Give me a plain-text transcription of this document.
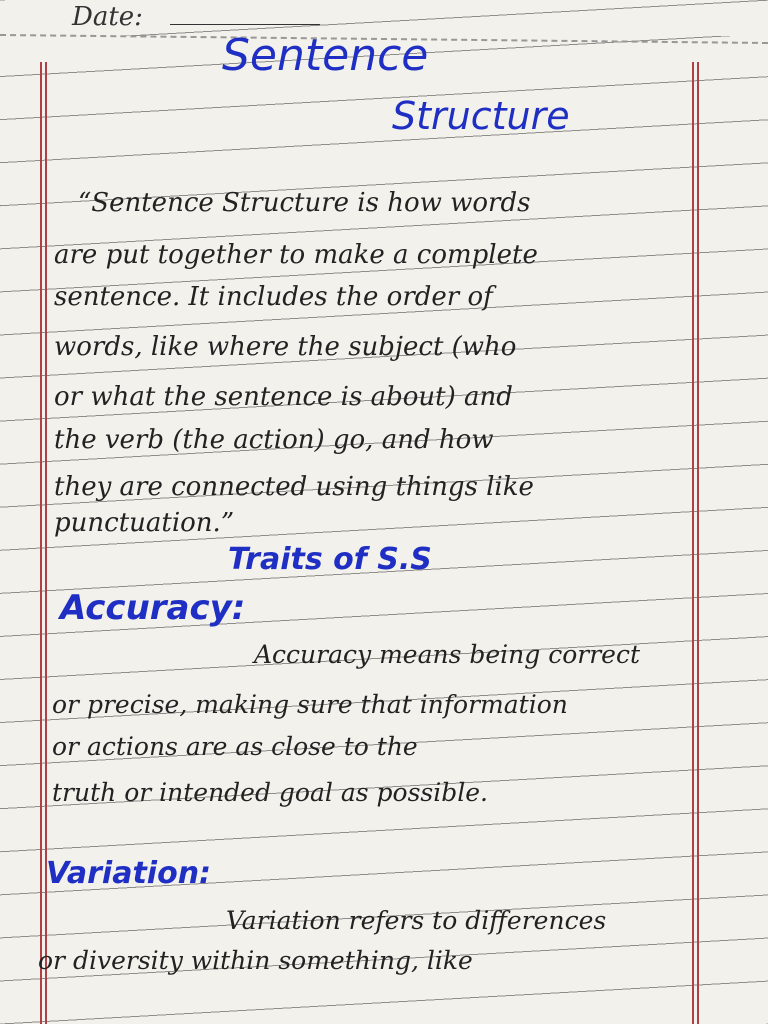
Date:
Sentence
Structure
“Sentence Structure is how words
are put together to make a complete
sentence. It includes the order of
words, like where the subject (who
or what the sentence is about) and
the verb (the action) go, and how
they are connected using things like
punctuation.”
Traits of S.S
Accuracy:
Accuracy means being correct
or precise, making sure that information
or actions are as close to the
truth or intended goal as possible.
Variation:
Variation refers to differences
or diversity within something, like
